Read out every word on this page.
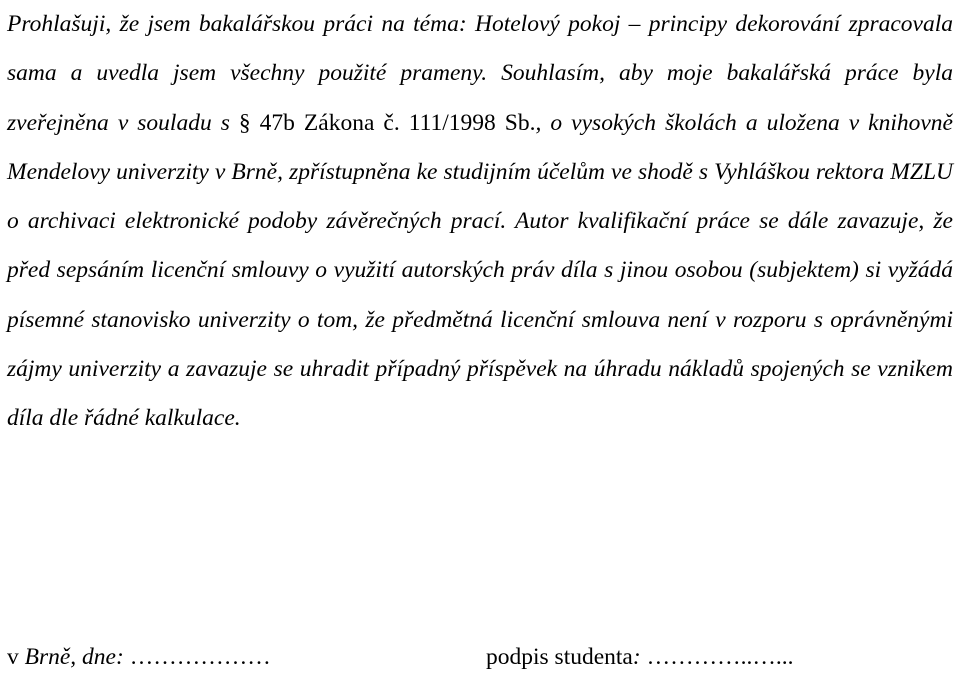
Prohlašuji, že jsem bakalářskou práci na téma: Hotelový pokoj – principy dekorování zpracovala sama a uvedla jsem všechny použité prameny. Souhlasím, aby moje bakalářská práce byla zveřejněna v souladu s § 47b Zákona č. 111/1998 Sb., o vysokých školách a uložena v knihovně Mendelovy univerzity v Brně, zpřístupněna ke studijním účelům ve shodě s Vyhláškou rektora MZLU o archivaci elektronické podoby závěrečných prací. Autor kvalifikační práce se dále zavazuje, že před sepsáním licenční smlouvy o využití autorských práv díla s jinou osobou (subjektem) si vyžádá písemné stanovisko univerzity o tom, že předmětná licenční smlouva není v rozporu s oprávněnými zájmy univerzity a zavazuje se uhradit případný příspěvek na úhradu nákladů spojených se vznikem díla dle řádné kalkulace.

v Brně, dne: ………………	podpis studenta: …………..…...
